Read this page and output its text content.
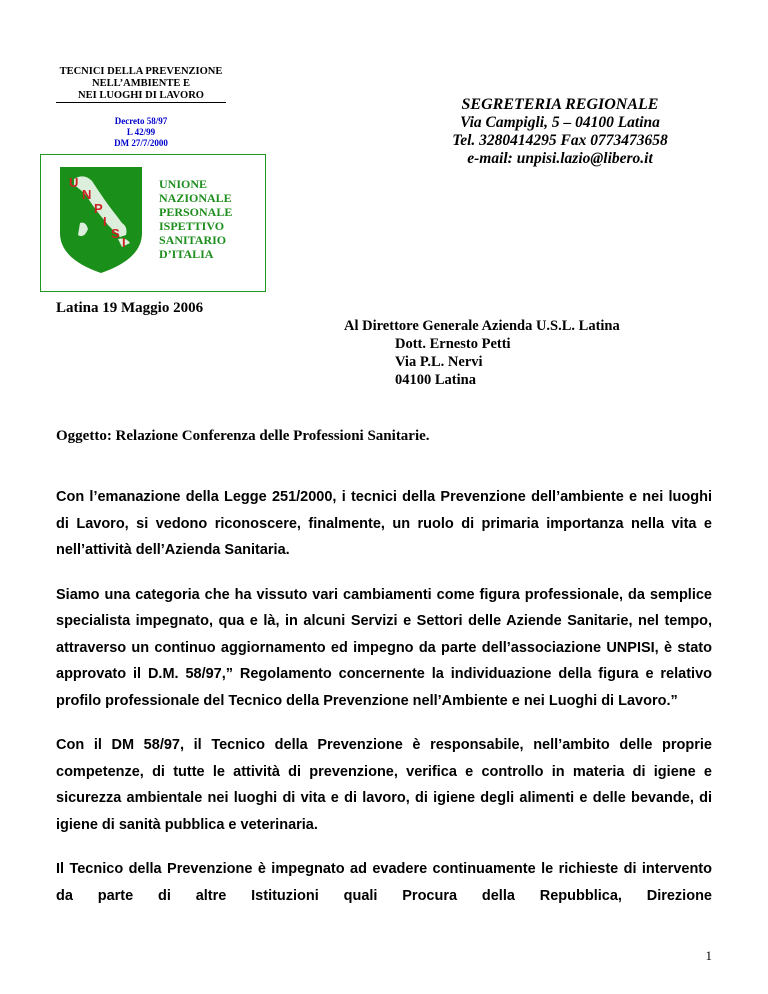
TECNICI DELLA PREVENZIONE
NELL’AMBIENTE E
NEI LUOGHI DI LAVORO
Decreto 58/97
L 42/99
DM 27/7/2000
U
N
P
I
S
I
UNIONE
NAZIONALE
PERSONALE
ISPETTIVO
SANITARIO
D’ITALIA
SEGRETERIA REGIONALE
Via Campigli, 5 – 04100 Latina
Tel. 3280414295 Fax 0773473658
e-mail: unpisi.lazio@libero.it
Latina 19 Maggio 2006
Al Direttore Generale Azienda U.S.L. Latina
Dott. Ernesto Petti
Via P.L. Nervi
04100 Latina
Oggetto: Relazione Conferenza delle Professioni Sanitarie.

Con l’emanazione della Legge 251/2000, i tecnici della Prevenzione dell’ambiente e nei luoghi di Lavoro, si vedono riconoscere, finalmente, un ruolo di primaria importanza nella vita e nell’attività dell’Azienda Sanitaria.

Siamo una categoria che ha vissuto vari cambiamenti come figura professionale, da semplice specialista impegnato, qua e là, in alcuni Servizi e Settori delle Aziende Sanitarie, nel tempo, attraverso un continuo aggiornamento ed impegno da parte dell’associazione UNPISI, è stato approvato il D.M. 58/97,” Regolamento concernente la individuazione della figura e relativo profilo professionale del Tecnico della Prevenzione nell’Ambiente e nei Luoghi di Lavoro.”

Con il DM 58/97, il Tecnico della Prevenzione è responsabile, nell’ambito delle proprie competenze, di tutte le attività di prevenzione, verifica e controllo in materia di igiene e sicurezza ambientale nei luoghi di vita e di lavoro, di igiene degli alimenti e delle bevande, di igiene di sanità pubblica e veterinaria.

Il Tecnico della Prevenzione è impegnato ad evadere continuamente le richieste di intervento da parte di altre Istituzioni quali Procura della Repubblica, Direzione

1
